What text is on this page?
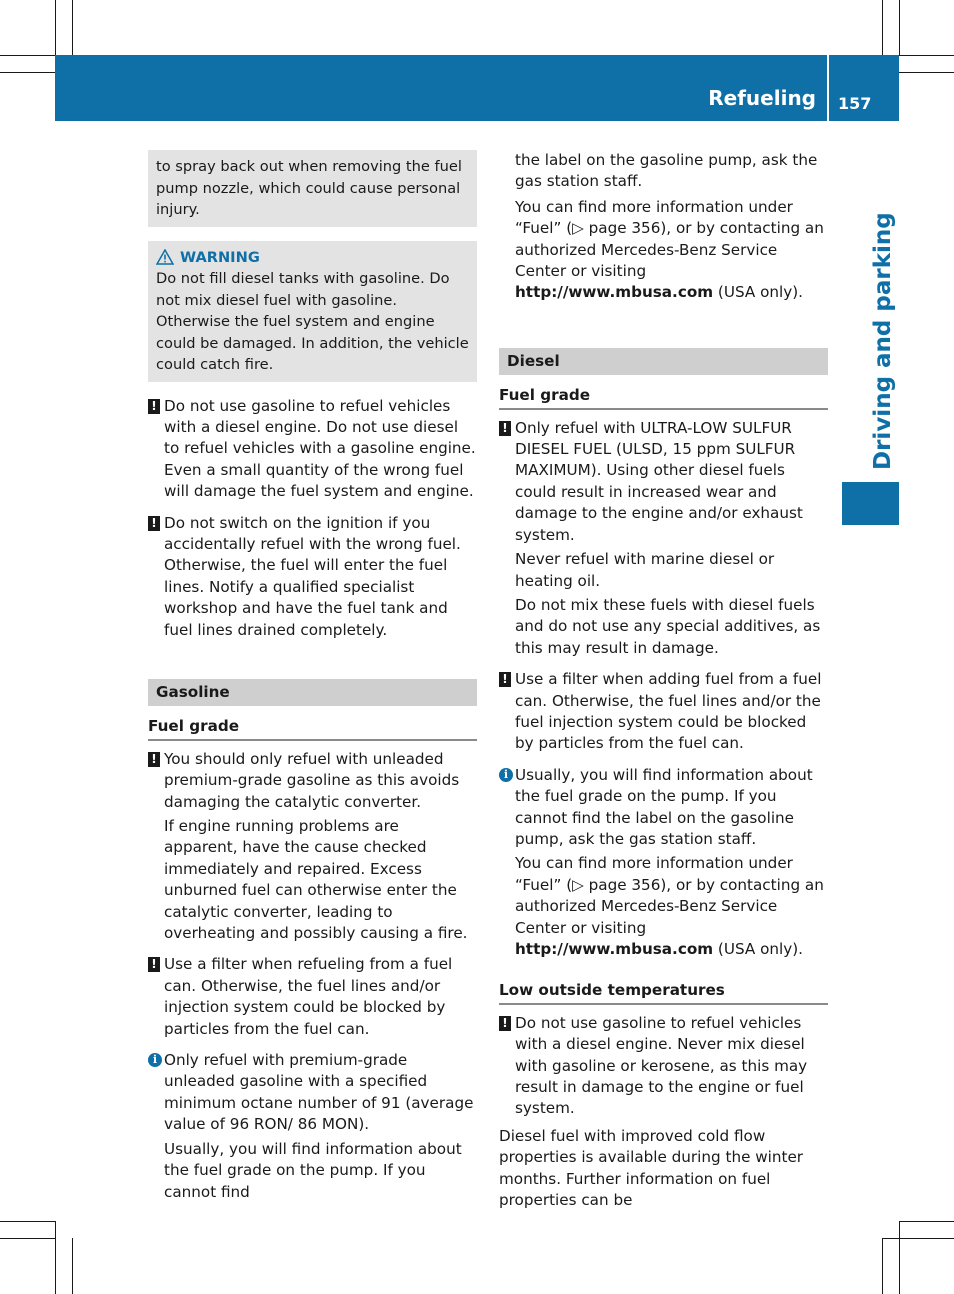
Refueling 157
Driving and parking
to spray back out when removing the fuel pump nozzle, which could cause personal injury.
WARNING
Do not fill diesel tanks with gasoline. Do not mix diesel fuel with gasoline. Otherwise the fuel system and engine could be damaged. In addition, the vehicle could catch fire.
! Do not use gasoline to refuel vehicles with a diesel engine. Do not use diesel to refuel vehicles with a gasoline engine. Even a small quantity of the wrong fuel will damage the fuel system and engine.
! Do not switch on the ignition if you accidentally refuel with the wrong fuel. Otherwise, the fuel will enter the fuel lines. Notify a qualified specialist workshop and have the fuel tank and fuel lines drained completely.
Gasoline
Fuel grade
! You should only refuel with unleaded premium-grade gasoline as this avoids damaging the catalytic converter.
If engine running problems are apparent, have the cause checked immediately and repaired. Excess unburned fuel can otherwise enter the catalytic converter, leading to overheating and possibly causing a fire.
! Use a filter when refueling from a fuel can. Otherwise, the fuel lines and/or injection system could be blocked by particles from the fuel can.
i Only refuel with premium-grade unleaded gasoline with a specified minimum octane number of 91 (average value of 96 RON/ 86 MON).
Usually, you will find information about the fuel grade on the pump. If you cannot find
the label on the gasoline pump, ask the gas station staff.
You can find more information under “Fuel” (▷ page 356), or by contacting an authorized Mercedes-Benz Service Center or visiting http://www.mbusa.com (USA only).
Diesel
Fuel grade
! Only refuel with ULTRA-LOW SULFUR DIESEL FUEL (ULSD, 15 ppm SULFUR MAXIMUM). Using other diesel fuels could result in increased wear and damage to the engine and/or exhaust system.
Never refuel with marine diesel or heating oil.
Do not mix these fuels with diesel fuels and do not use any special additives, as this may result in damage.
! Use a filter when adding fuel from a fuel can. Otherwise, the fuel lines and/or the fuel injection system could be blocked by particles from the fuel can.
i Usually, you will find information about the fuel grade on the pump. If you cannot find the label on the gasoline pump, ask the gas station staff.
You can find more information under “Fuel” (▷ page 356), or by contacting an authorized Mercedes-Benz Service Center or visiting http://www.mbusa.com (USA only).
Low outside temperatures
! Do not use gasoline to refuel vehicles with a diesel engine. Never mix diesel with gasoline or kerosene, as this may result in damage to the engine or fuel system.
Diesel fuel with improved cold flow properties is available during the winter months. Further information on fuel properties can be
